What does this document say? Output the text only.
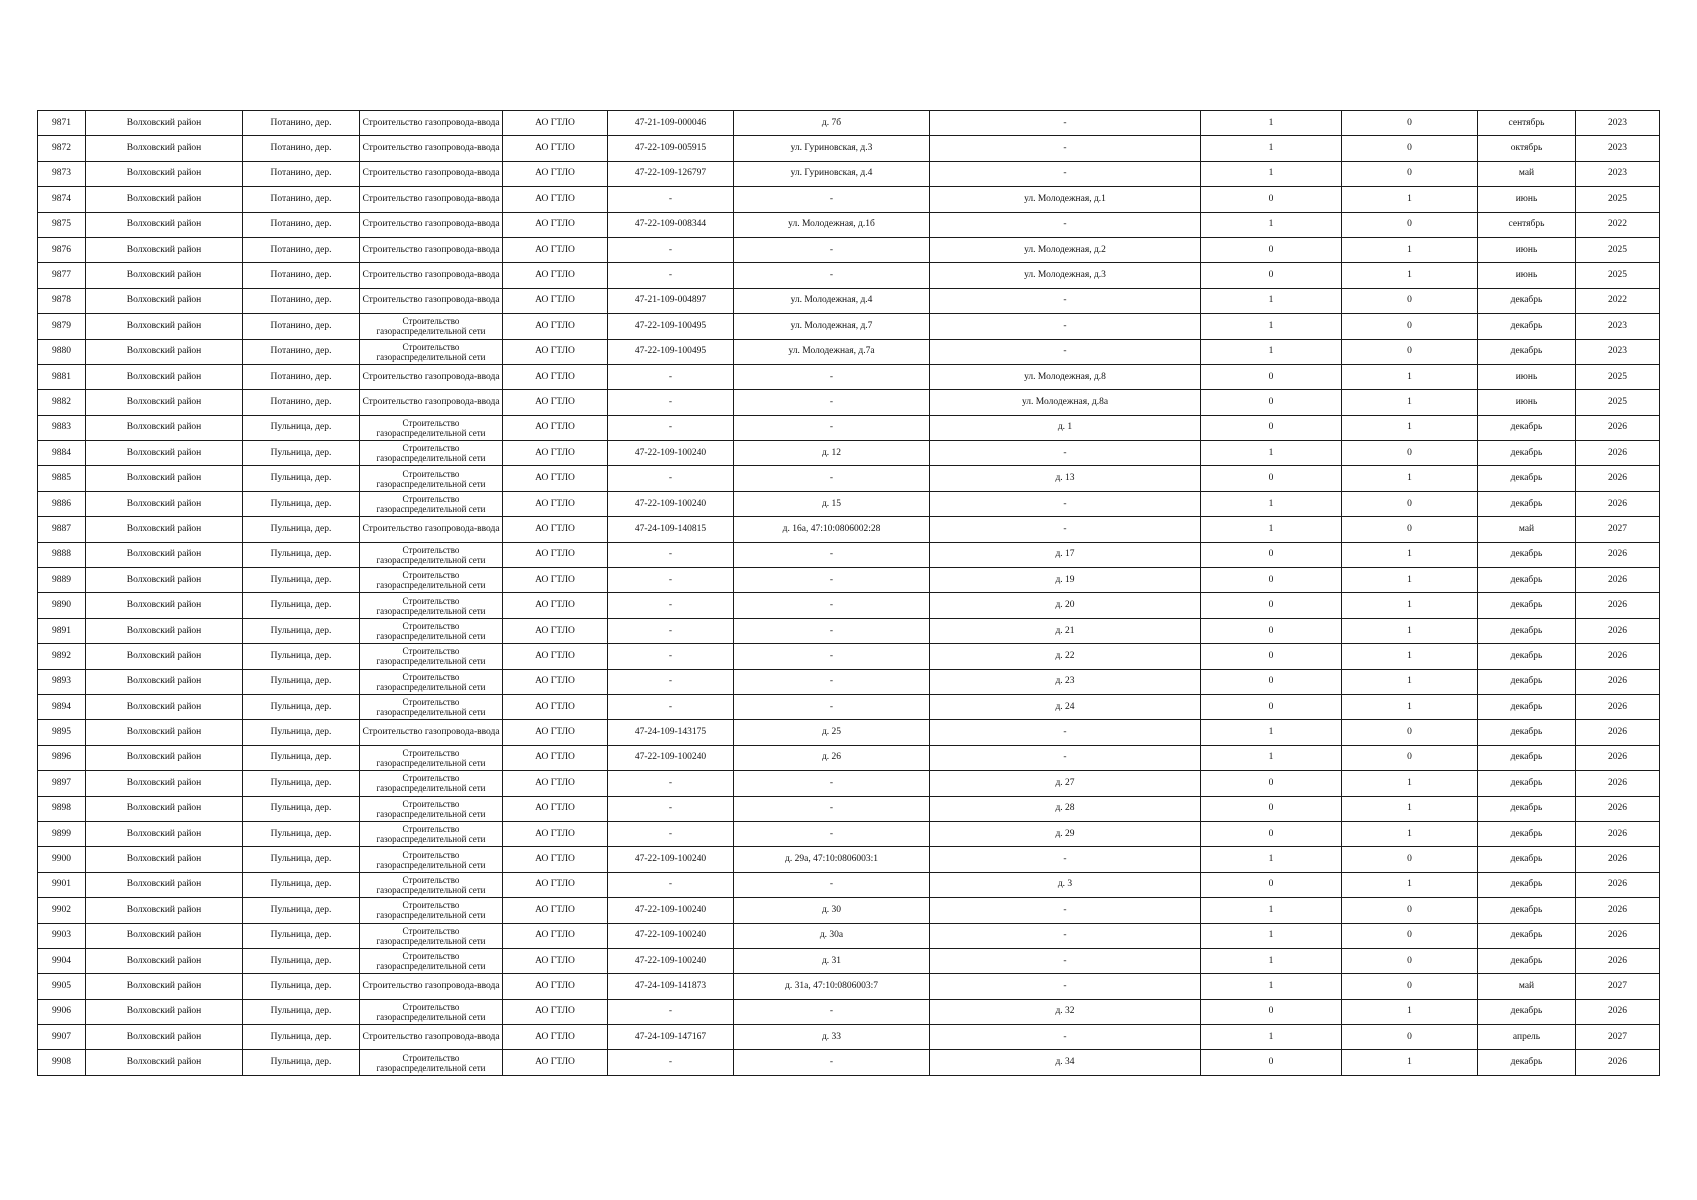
9871	Волховский район	Потанино, дер.	Строительство газопровода-ввода	АО ГТЛО	47-21-109-000046	д. 7б	-	1	0	сентябрь	2023
9872	Волховский район	Потанино, дер.	Строительство газопровода-ввода	АО ГТЛО	47-22-109-005915	ул. Гуриновская, д.3	-	1	0	октябрь	2023
9873	Волховский район	Потанино, дер.	Строительство газопровода-ввода	АО ГТЛО	47-22-109-126797	ул. Гуриновская, д.4	-	1	0	май	2023
9874	Волховский район	Потанино, дер.	Строительство газопровода-ввода	АО ГТЛО	-	-	ул. Молодежная, д.1	0	1	июнь	2025
9875	Волховский район	Потанино, дер.	Строительство газопровода-ввода	АО ГТЛО	47-22-109-008344	ул. Молодежная, д.1б	-	1	0	сентябрь	2022
9876	Волховский район	Потанино, дер.	Строительство газопровода-ввода	АО ГТЛО	-	-	ул. Молодежная, д.2	0	1	июнь	2025
9877	Волховский район	Потанино, дер.	Строительство газопровода-ввода	АО ГТЛО	-	-	ул. Молодежная, д.3	0	1	июнь	2025
9878	Волховский район	Потанино, дер.	Строительство газопровода-ввода	АО ГТЛО	47-21-109-004897	ул. Молодежная, д.4	-	1	0	декабрь	2022
9879	Волховский район	Потанино, дер.	Строительство газораспределительной сети	АО ГТЛО	47-22-109-100495	ул. Молодежная, д.7	-	1	0	декабрь	2023
9880	Волховский район	Потанино, дер.	Строительство газораспределительной сети	АО ГТЛО	47-22-109-100495	ул. Молодежная, д.7а	-	1	0	декабрь	2023
9881	Волховский район	Потанино, дер.	Строительство газопровода-ввода	АО ГТЛО	-	-	ул. Молодежная, д.8	0	1	июнь	2025
9882	Волховский район	Потанино, дер.	Строительство газопровода-ввода	АО ГТЛО	-	-	ул. Молодежная, д.8а	0	1	июнь	2025
9883	Волховский район	Пульница, дер.	Строительство газораспределительной сети	АО ГТЛО	-	-	д. 1	0	1	декабрь	2026
9884	Волховский район	Пульница, дер.	Строительство газораспределительной сети	АО ГТЛО	47-22-109-100240	д. 12	-	1	0	декабрь	2026
9885	Волховский район	Пульница, дер.	Строительство газораспределительной сети	АО ГТЛО	-	-	д. 13	0	1	декабрь	2026
9886	Волховский район	Пульница, дер.	Строительство газораспределительной сети	АО ГТЛО	47-22-109-100240	д. 15	-	1	0	декабрь	2026
9887	Волховский район	Пульница, дер.	Строительство газопровода-ввода	АО ГТЛО	47-24-109-140815	д. 16а, 47:10:0806002:28	-	1	0	май	2027
9888	Волховский район	Пульница, дер.	Строительство газораспределительной сети	АО ГТЛО	-	-	д. 17	0	1	декабрь	2026
9889	Волховский район	Пульница, дер.	Строительство газораспределительной сети	АО ГТЛО	-	-	д. 19	0	1	декабрь	2026
9890	Волховский район	Пульница, дер.	Строительство газораспределительной сети	АО ГТЛО	-	-	д. 20	0	1	декабрь	2026
9891	Волховский район	Пульница, дер.	Строительство газораспределительной сети	АО ГТЛО	-	-	д. 21	0	1	декабрь	2026
9892	Волховский район	Пульница, дер.	Строительство газораспределительной сети	АО ГТЛО	-	-	д. 22	0	1	декабрь	2026
9893	Волховский район	Пульница, дер.	Строительство газораспределительной сети	АО ГТЛО	-	-	д. 23	0	1	декабрь	2026
9894	Волховский район	Пульница, дер.	Строительство газораспределительной сети	АО ГТЛО	-	-	д. 24	0	1	декабрь	2026
9895	Волховский район	Пульница, дер.	Строительство газопровода-ввода	АО ГТЛО	47-24-109-143175	д. 25	-	1	0	декабрь	2026
9896	Волховский район	Пульница, дер.	Строительство газораспределительной сети	АО ГТЛО	47-22-109-100240	д. 26	-	1	0	декабрь	2026
9897	Волховский район	Пульница, дер.	Строительство газораспределительной сети	АО ГТЛО	-	-	д. 27	0	1	декабрь	2026
9898	Волховский район	Пульница, дер.	Строительство газораспределительной сети	АО ГТЛО	-	-	д. 28	0	1	декабрь	2026
9899	Волховский район	Пульница, дер.	Строительство газораспределительной сети	АО ГТЛО	-	-	д. 29	0	1	декабрь	2026
9900	Волховский район	Пульница, дер.	Строительство газораспределительной сети	АО ГТЛО	47-22-109-100240	д. 29а, 47:10:0806003:1	-	1	0	декабрь	2026
9901	Волховский район	Пульница, дер.	Строительство газораспределительной сети	АО ГТЛО	-	-	д. 3	0	1	декабрь	2026
9902	Волховский район	Пульница, дер.	Строительство газораспределительной сети	АО ГТЛО	47-22-109-100240	д. 30	-	1	0	декабрь	2026
9903	Волховский район	Пульница, дер.	Строительство газораспределительной сети	АО ГТЛО	47-22-109-100240	д. 30а	-	1	0	декабрь	2026
9904	Волховский район	Пульница, дер.	Строительство газораспределительной сети	АО ГТЛО	47-22-109-100240	д. 31	-	1	0	декабрь	2026
9905	Волховский район	Пульница, дер.	Строительство газопровода-ввода	АО ГТЛО	47-24-109-141873	д. 31а, 47:10:0806003:7	-	1	0	май	2027
9906	Волховский район	Пульница, дер.	Строительство газораспределительной сети	АО ГТЛО	-	-	д. 32	0	1	декабрь	2026
9907	Волховский район	Пульница, дер.	Строительство газопровода-ввода	АО ГТЛО	47-24-109-147167	д. 33	-	1	0	апрель	2027
9908	Волховский район	Пульница, дер.	Строительство газораспределительной сети	АО ГТЛО	-	-	д. 34	0	1	декабрь	2026
